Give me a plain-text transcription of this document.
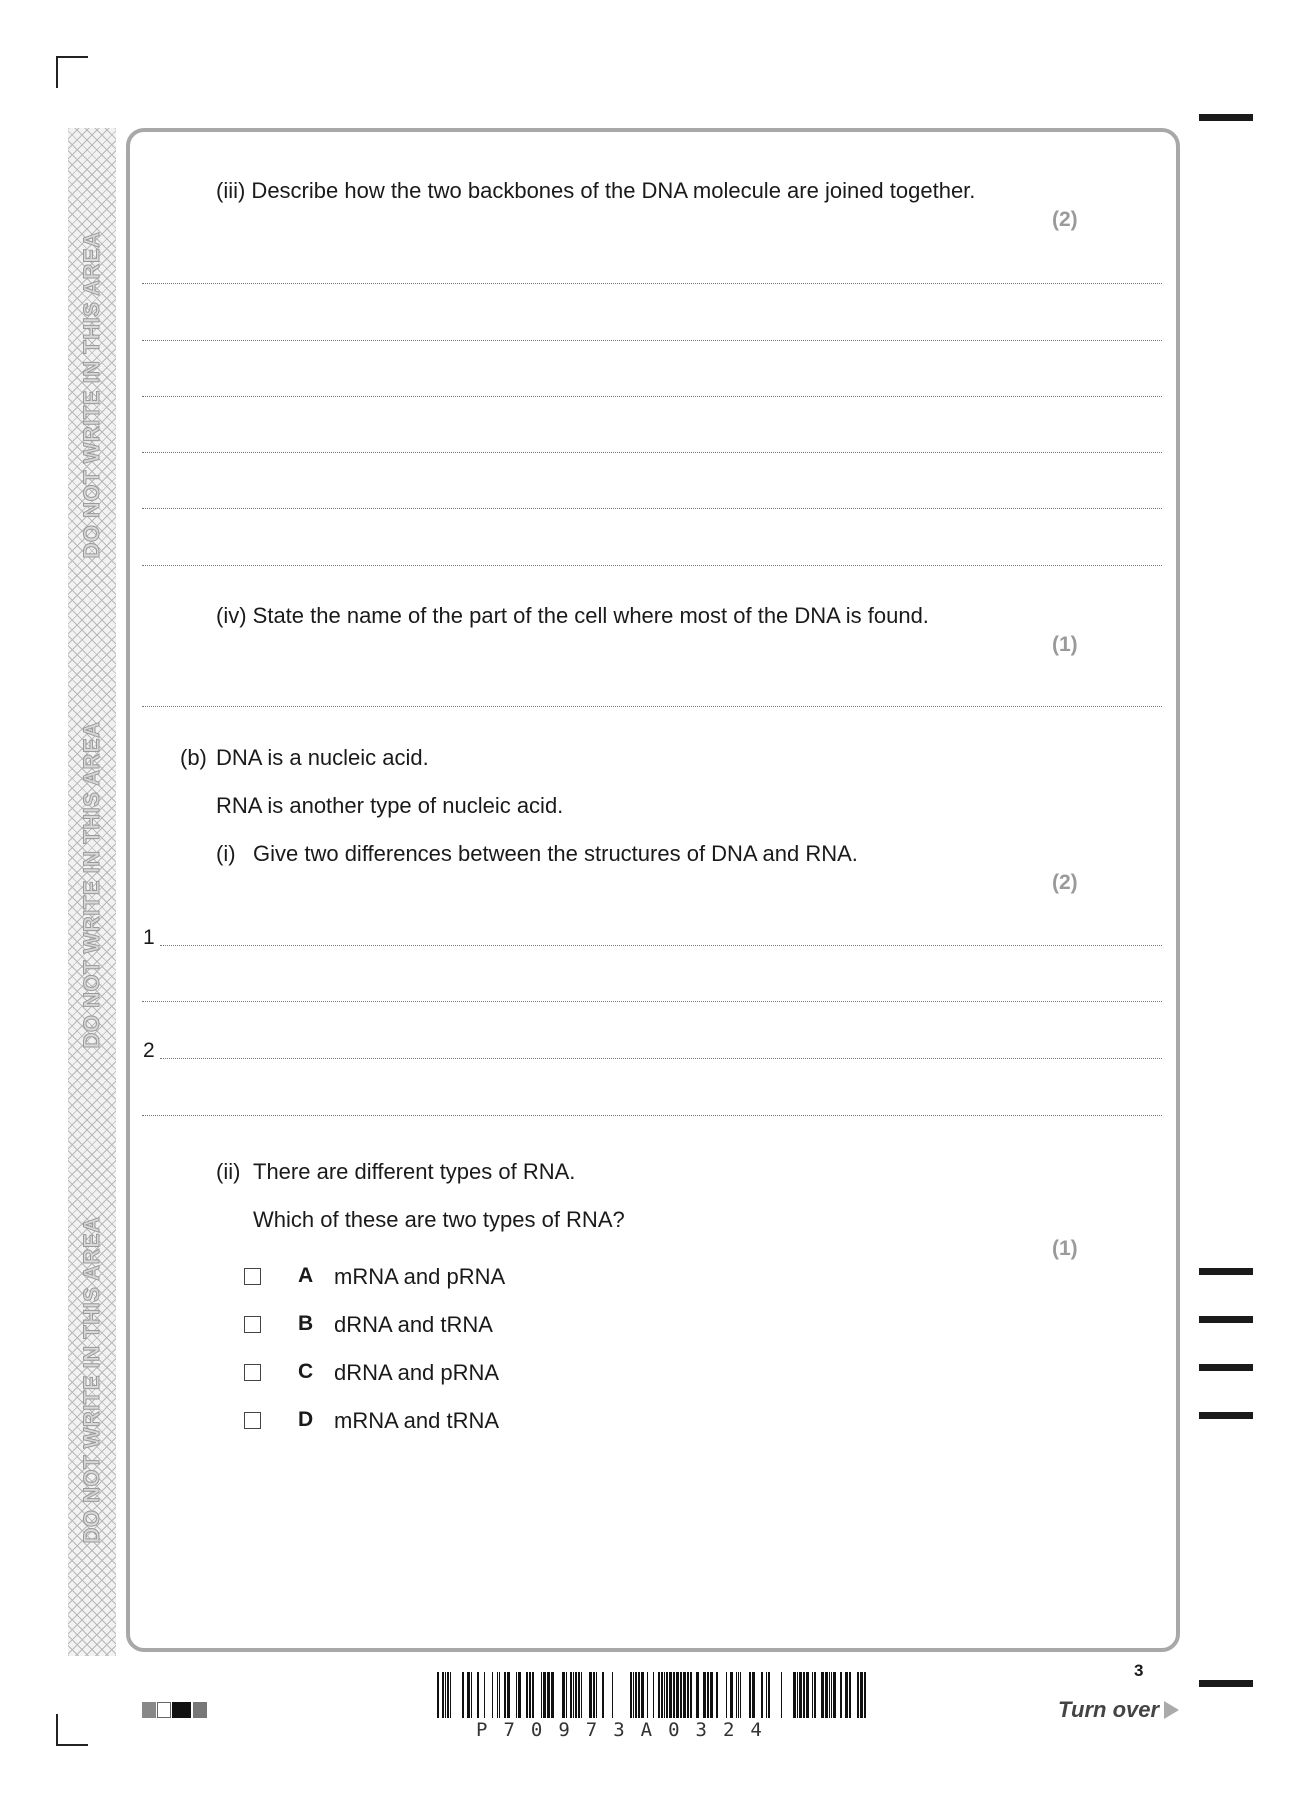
DO NOT WRITE IN THIS AREA
DO NOT WRITE IN THIS AREA
DO NOT WRITE IN THIS AREA
(iii) Describe how the two backbones of the DNA molecule are joined together.
(2)
(iv) State the name of the part of the cell where most of the DNA is found.
(1)
(b) DNA is a nucleic acid.
RNA is another type of nucleic acid.
(i) Give two differences between the structures of DNA and RNA.
(2)
1
2
(ii) There are different types of RNA.
Which of these are two types of RNA?
(1)
A mRNA and pRNA
B dRNA and tRNA
C dRNA and pRNA
D mRNA and tRNA
P70973A0324
3
Turn over
